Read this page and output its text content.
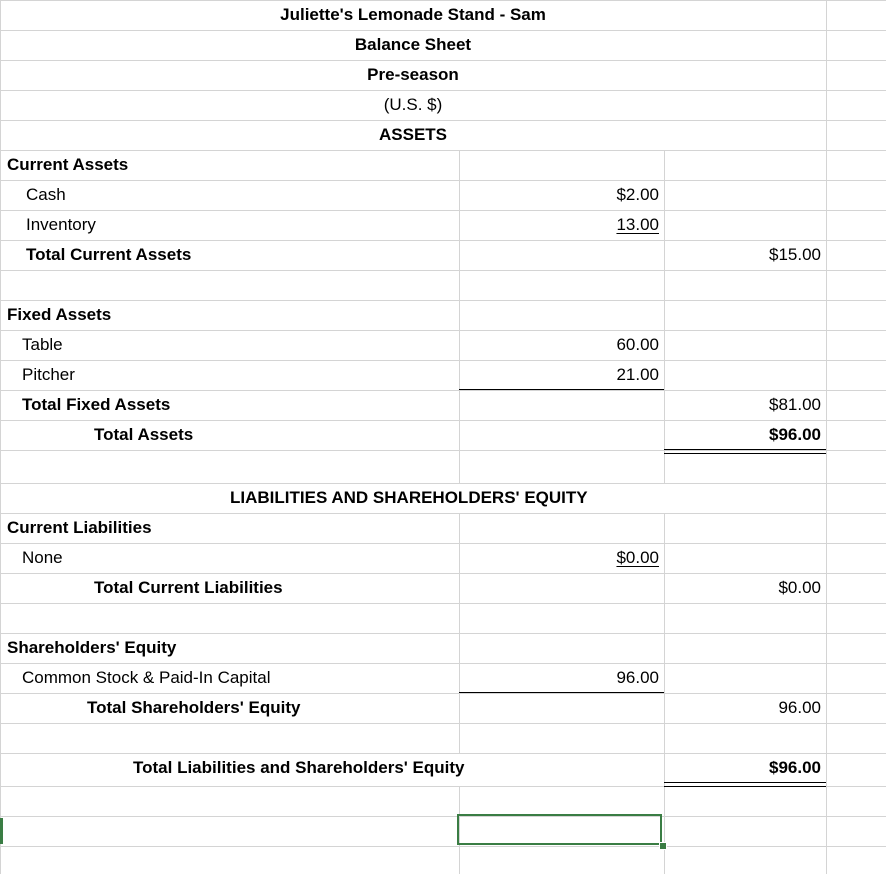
Juliette's Lemonade Stand - Sam
Balance Sheet
Pre-season
(U.S. $)
ASSETS
Current Assets
Cash	$2.00
Inventory	13.00
Total Current Assets	$15.00
Fixed Assets
Table	60.00
Pitcher	21.00
Total Fixed Assets	$81.00
Total Assets	$96.00
LIABILITIES AND SHAREHOLDERS' EQUITY
Current Liabilities
None	$0.00
Total Current Liabilities	$0.00
Shareholders' Equity
Common Stock & Paid-In Capital	96.00
Total Shareholders' Equity	96.00
Total Liabilities and Shareholders' Equity	$96.00
